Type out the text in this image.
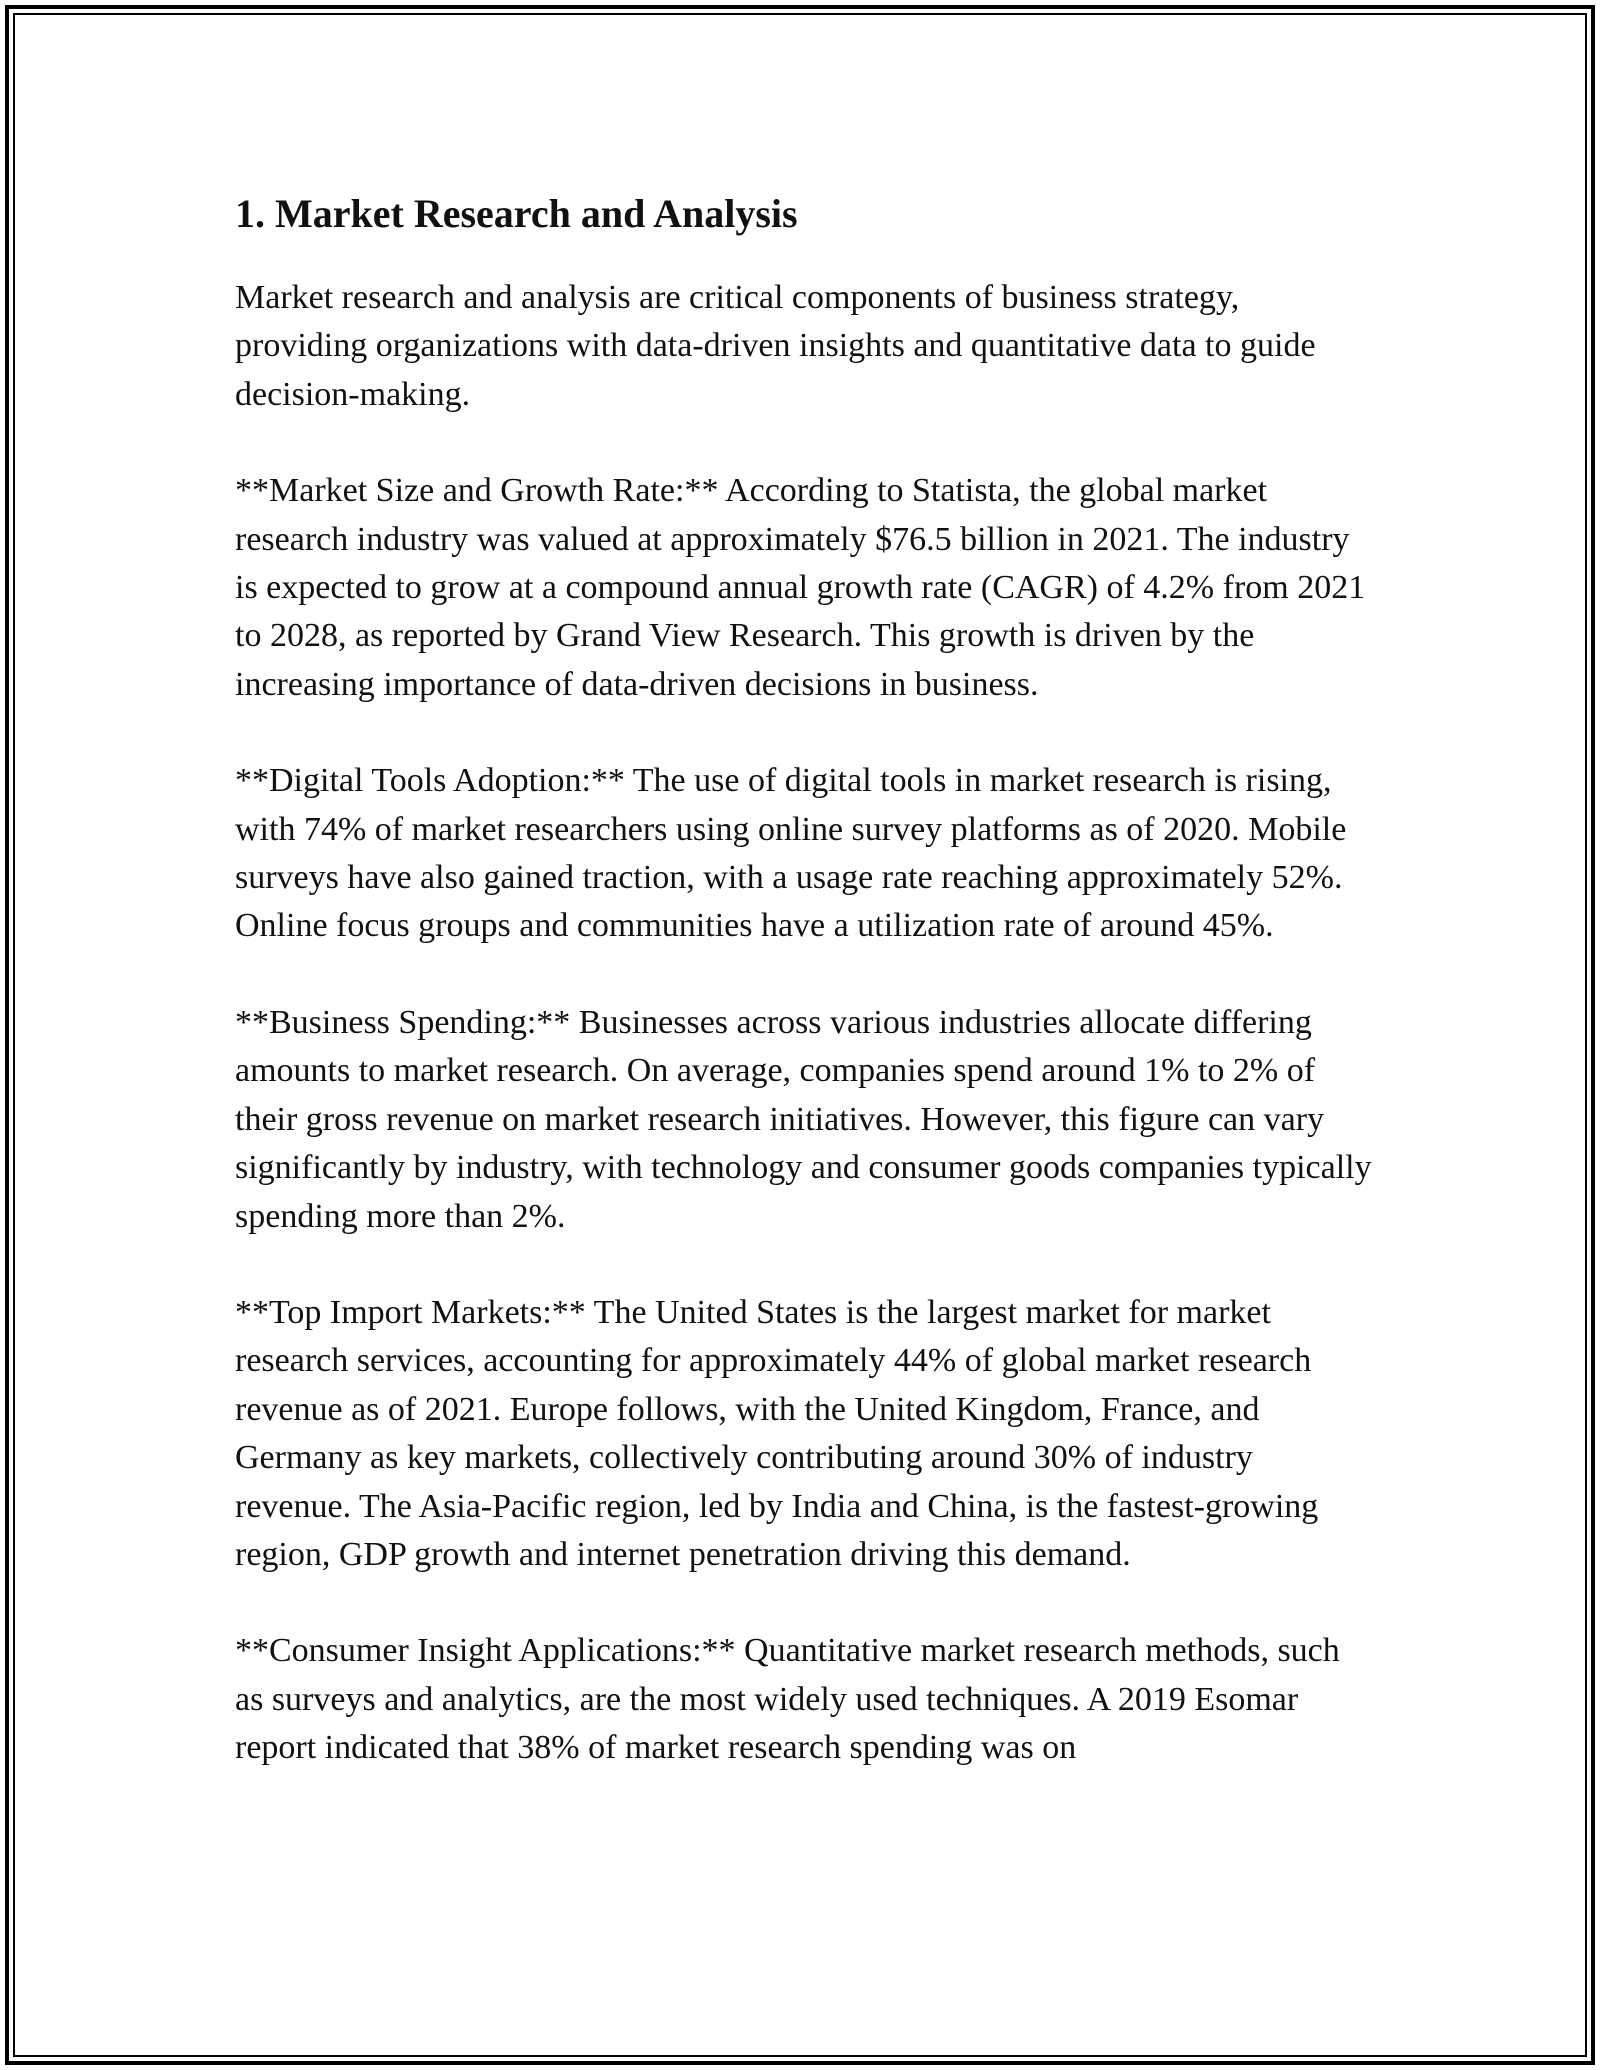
1. Market Research and Analysis

Market research and analysis are critical components of business strategy, providing organizations with data-driven insights and quantitative data to guide decision-making.

**Market Size and Growth Rate:** According to Statista, the global market research industry was valued at approximately $76.5 billion in 2021. The industry is expected to grow at a compound annual growth rate (CAGR) of 4.2% from 2021 to 2028, as reported by Grand View Research. This growth is driven by the increasing importance of data-driven decisions in business.

**Digital Tools Adoption:** The use of digital tools in market research is rising, with 74% of market researchers using online survey platforms as of 2020. Mobile surveys have also gained traction, with a usage rate reaching approximately 52%. Online focus groups and communities have a utilization rate of around 45%.

**Business Spending:** Businesses across various industries allocate differing amounts to market research. On average, companies spend around 1% to 2% of their gross revenue on market research initiatives. However, this figure can vary significantly by industry, with technology and consumer goods companies typically spending more than 2%.

**Top Import Markets:** The United States is the largest market for market research services, accounting for approximately 44% of global market research revenue as of 2021. Europe follows, with the United Kingdom, France, and Germany as key markets, collectively contributing around 30% of industry revenue. The Asia-Pacific region, led by India and China, is the fastest-growing region, GDP growth and internet penetration driving this demand.

**Consumer Insight Applications:** Quantitative market research methods, such as surveys and analytics, are the most widely used techniques. A 2019 Esomar report indicated that 38% of market research spending was on
